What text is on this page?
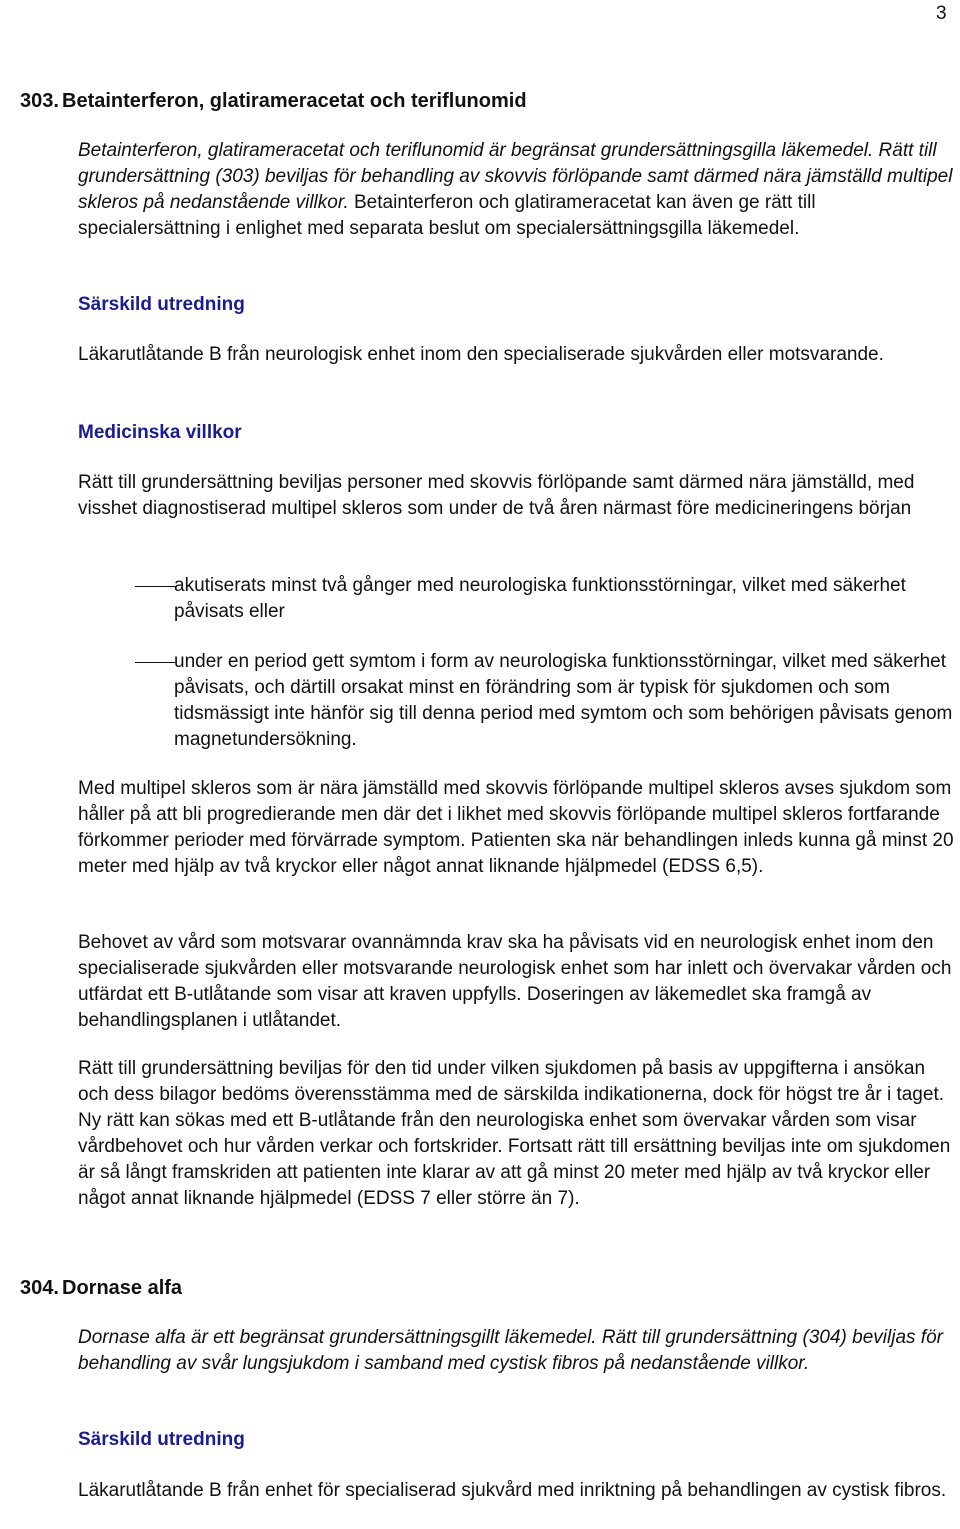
3
303. Betainterferon, glatirameracetat och teriflunomid

Betainterferon, glatirameracetat och teriflunomid är begränsat grundersättningsgilla läkemedel. Rätt till grundersättning (303) beviljas för behandling av skovvis förlöpande samt därmed nära jämställd multipel skleros på nedanstående villkor. Betainterferon och glatirameracetat kan även ge rätt till specialersättning i enlighet med separata beslut om specialersättningsgilla läkemedel.

Särskild utredning

Läkarutlåtande B från neurologisk enhet inom den specialiserade sjukvården eller motsvarande.

Medicinska villkor

Rätt till grundersättning beviljas personer med skovvis förlöpande samt därmed nära jämställd, med visshet diagnostiserad multipel skleros som under de två åren närmast före medicineringens början

akutiserats minst två gånger med neurologiska funktionsstörningar, vilket med säkerhet påvisats eller

under en period gett symtom i form av neurologiska funktionsstörningar, vilket med säkerhet påvisats, och därtill orsakat minst en förändring som är typisk för sjukdomen och som tidsmässigt inte hänför sig till denna period med symtom och som behörigen påvisats genom magnetundersökning.

Med multipel skleros som är nära jämställd med skovvis förlöpande multipel skleros avses sjukdom som håller på att bli progredierande men där det i likhet med skovvis förlöpande multipel skleros fortfarande förkommer perioder med förvärrade symptom. Patienten ska när behandlingen inleds kunna gå minst 20 meter med hjälp av två kryckor eller något annat liknande hjälpmedel (EDSS 6,5).

Behovet av vård som motsvarar ovannämnda krav ska ha påvisats vid en neurologisk enhet inom den specialiserade sjukvården eller motsvarande neurologisk enhet som har inlett och övervakar vården och utfärdat ett B-utlåtande som visar att kraven uppfylls. Doseringen av läkemedlet ska framgå av behandlingsplanen i utlåtandet.

Rätt till grundersättning beviljas för den tid under vilken sjukdomen på basis av uppgifterna i ansökan och dess bilagor bedöms överensstämma med de särskilda indikationerna, dock för högst tre år i taget. Ny rätt kan sökas med ett B-utlåtande från den neurologiska enhet som övervakar vården som visar vårdbehovet och hur vården verkar och fortskrider. Fortsatt rätt till ersättning beviljas inte om sjukdomen är så långt framskriden att patienten inte klarar av att gå minst 20 meter med hjälp av två kryckor eller något annat liknande hjälpmedel (EDSS 7 eller större än 7).

304. Dornase alfa

Dornase alfa är ett begränsat grundersättningsgillt läkemedel. Rätt till grundersättning (304) beviljas för behandling av svår lungsjukdom i samband med cystisk fibros på nedanstående villkor.

Särskild utredning

Läkarutlåtande B från enhet för specialiserad sjukvård med inriktning på behandlingen av cystisk fibros.
